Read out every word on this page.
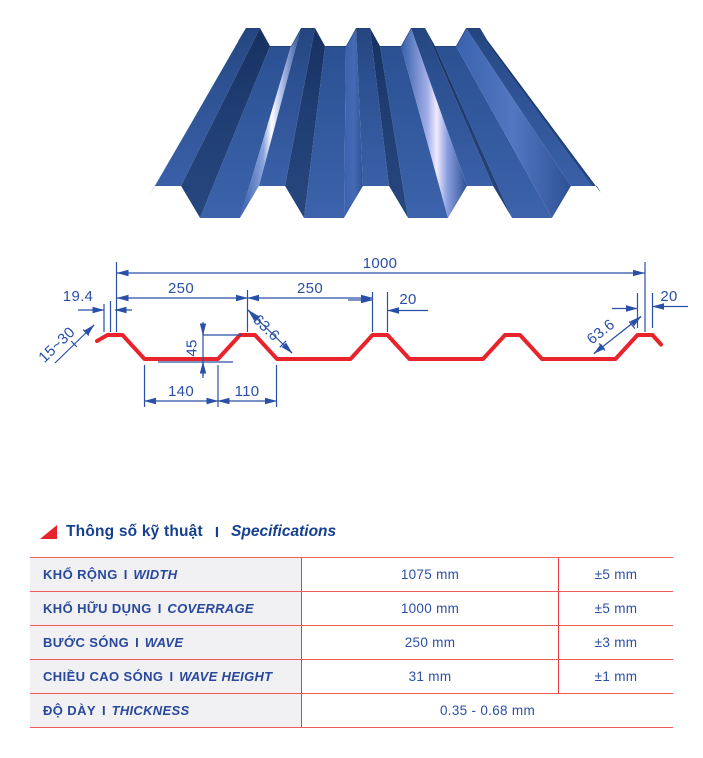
1000
250	250
19.4	20	20
140	110
45
63.6	63.6
15~30
Thông số kỹ thuật I Specifications
KHỔ RỘNG I WIDTH	1075 mm	±5 mm
KHỔ HỮU DỤNG I COVERRAGE	1000 mm	±5 mm
BƯỚC SÓNG I WAVE	250 mm	±3 mm
CHIỀU CAO SÓNG I WAVE HEIGHT	31 mm	±1 mm
ĐỘ DÀY I THICKNESS	0.35 - 0.68 mm
